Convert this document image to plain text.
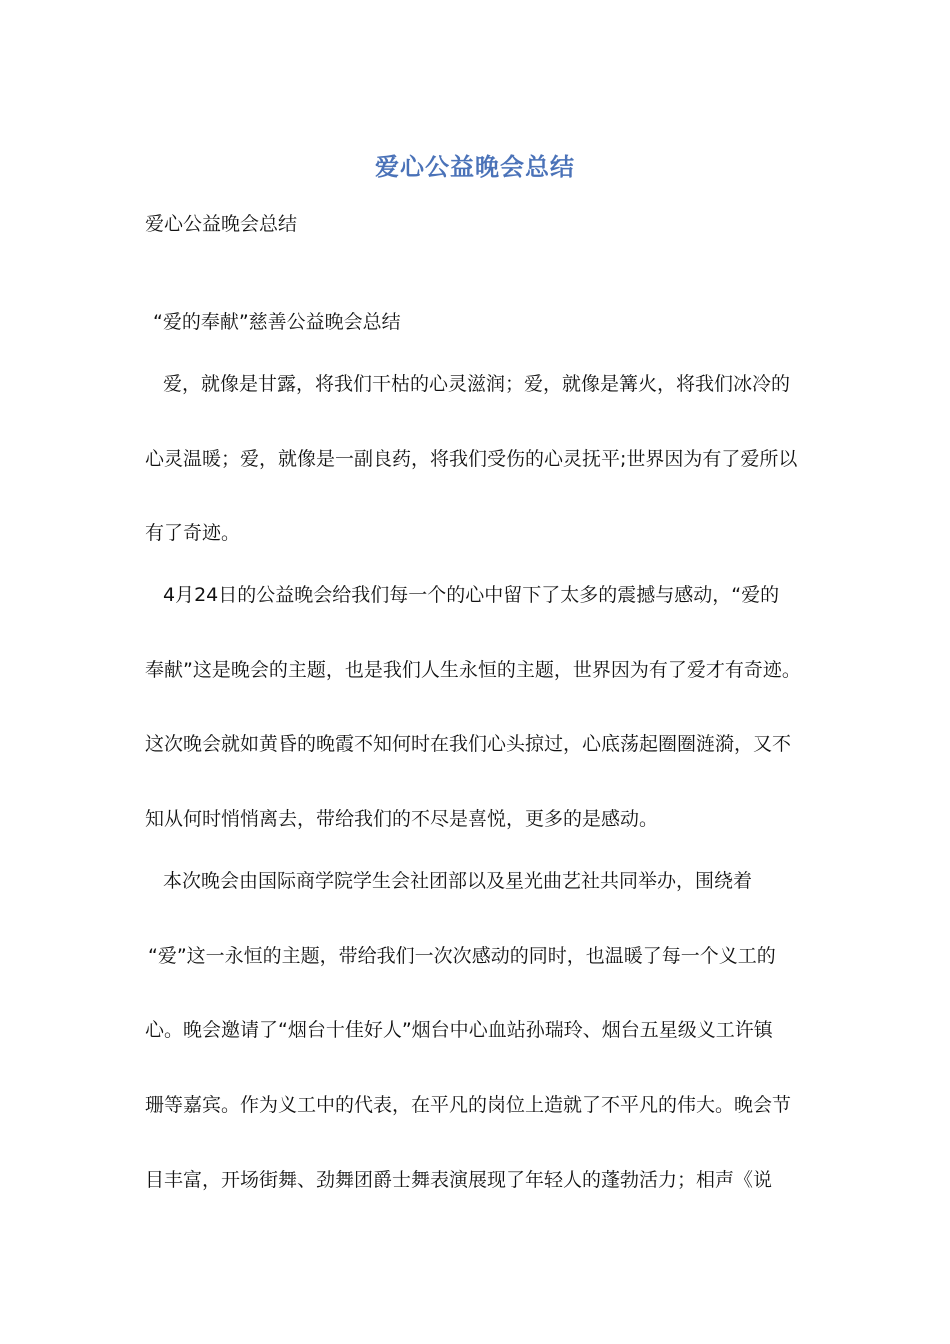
爱心公益晚会总结
爱心公益晚会总结
“爱的奉献”慈善公益晚会总结
爱，就像是甘露，将我们干枯的心灵滋润；爱，就像是篝火，将我们冰冷的
心灵温暖；爱，就像是一副良药，将我们受伤的心灵抚平;世界因为有了爱所以
有了奇迹。
4月24日的公益晚会给我们每一个的心中留下了太多的震撼与感动，“爱的
奉献”这是晚会的主题，也是我们人生永恒的主题，世界因为有了爱才有奇迹。
这次晚会就如黄昏的晚霞不知何时在我们心头掠过，心底荡起圈圈涟漪，又不
知从何时悄悄离去，带给我们的不尽是喜悦，更多的是感动。
本次晚会由国际商学院学生会社团部以及星光曲艺社共同举办，围绕着
“爱”这一永恒的主题，带给我们一次次感动的同时，也温暖了每一个义工的
心。晚会邀请了“烟台十佳好人”烟台中心血站孙瑞玲、烟台五星级义工许镇
珊等嘉宾。作为义工中的代表，在平凡的岗位上造就了不平凡的伟大。晚会节
目丰富，开场街舞、劲舞团爵士舞表演展现了年轻人的蓬勃活力；相声《说
